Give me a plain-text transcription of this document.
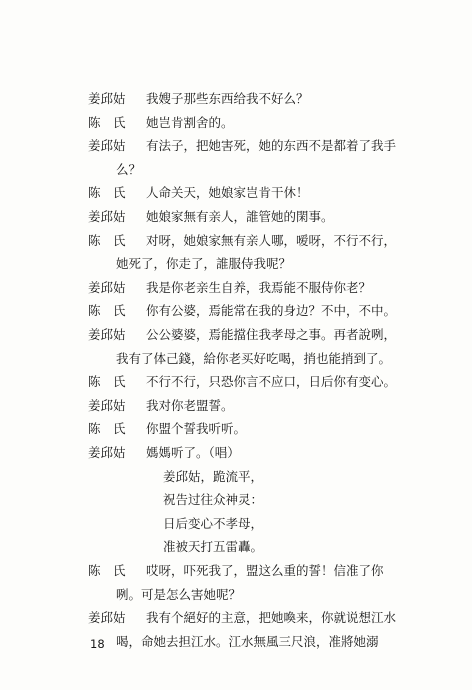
姜邱姑	我嫂子那些东西给我不好么？
陈　氏	她岂肯割舍的。
姜邱姑	有法子，把她害死，她的东西不是都着了我手
么？
陈　氏	人命关天，她娘家岂肯干休！
姜邱姑	她娘家無有亲人，誰管她的閑事。
陈　氏	对呀，她娘家無有亲人哪，嗳呀，不行不行，
她死了，你走了，誰服侍我呢？
姜邱姑	我是你老亲生自养，我焉能不服侍你老？
陈　氏	你有公婆，焉能常在我的身边？不中，不中。
姜邱姑	公公婆婆，焉能擋住我孝母之事。再者說咧，
我有了体己錢，給你老买好吃喝，捎也能捎到了。
陈　氏	不行不行，只恐你言不应口，日后你有变心。
姜邱姑	我对你老盟誓。
陈　氏	你盟个誓我听听。
姜邱姑	媽媽听了。（唱）
姜邱姑，跪流平，
祝告过往众神灵：
日后变心不孝母，
准被天打五雷轟。
陈　氏	哎呀，吓死我了，盟这么重的誓！信准了你
咧。可是怎么害她呢？
姜邱姑	我有个絕好的主意，把她喚来，你就说想江水
喝，命她去担江水。江水無風三尺浪，准將她溺
18
